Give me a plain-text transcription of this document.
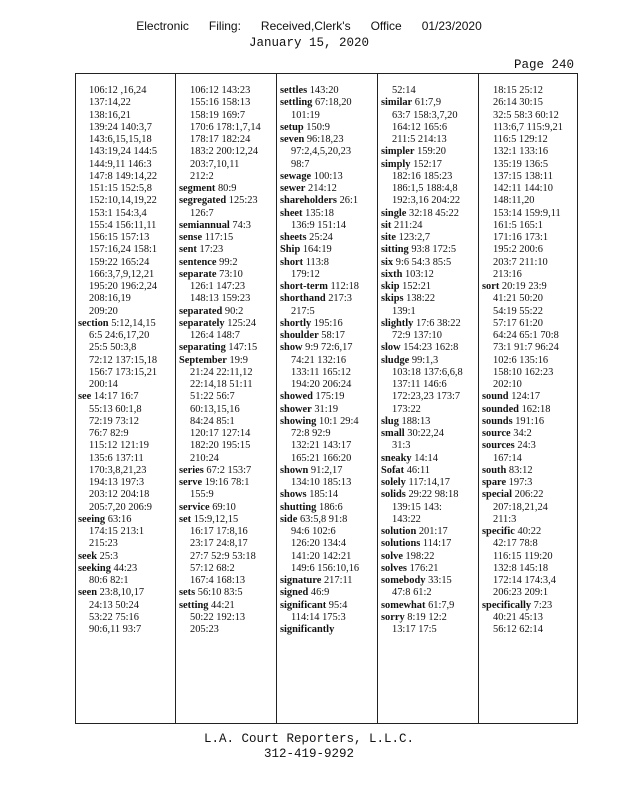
Electronic Filing: Received,Clerk's Office 01/23/2020
January 15, 2020
Page 240
106:12 ,16,24
137:14,22
138:16,21
139:24 140:3,7
143:6,15,15,18
143:19,24 144:5
144:9,11 146:3
147:8 149:14,22
151:15 152:5,8
152:10,14,19,22
153:1 154:3,4
155:4 156:11,11
156:15 157:13
157:16,24 158:1
159:22 165:24
166:3,7,9,12,21
195:20 196:2,24
208:16,19
209:20
section 5:12,14,15
6:5 24:6,17,20
25:5 50:3,8
72:12 137:15,18
156:7 173:15,21
200:14
see 14:17 16:7
55:13 60:1,8
72:19 73:12
76:7 82:9
115:12 121:19
135:6 137:11
170:3,8,21,23
194:13 197:3
203:12 204:18
205:7,20 206:9
seeing 63:16
174:15 213:1
215:23
seek 25:3
seeking 44:23
80:6 82:1
seen 23:8,10,17
24:13 50:24
53:22 75:16
90:6,11 93:7
106:12 143:23
155:16 158:13
158:19 169:7
170:6 178:1,7,14
178:17 182:24
183:2 200:12,24
203:7,10,11
212:2
segment 80:9
segregated 125:23
126:7
semiannual 74:3
sense 117:15
sent 17:23
sentence 99:2
separate 73:10
126:1 147:23
148:13 159:23
separated 90:2
separately 125:24
126:4 148:7
separating 147:15
September 19:9
21:24 22:11,12
22:14,18 51:11
51:22 56:7
60:13,15,16
84:24 85:1
120:17 127:14
182:20 195:15
210:24
series 67:2 153:7
serve 19:16 78:1
155:9
service 69:10
set 15:9,12,15
16:17 17:8,16
23:17 24:8,17
27:7 52:9 53:18
57:12 68:2
167:4 168:13
sets 56:10 83:5
setting 44:21
50:22 192:13
205:23
settles 143:20
settling 67:18,20
101:19
setup 150:9
seven 96:18,23
97:2,4,5,20,23
98:7
sewage 100:13
sewer 214:12
shareholders 26:1
sheet 135:18
136:9 151:14
sheets 25:24
Ship 164:19
short 113:8
179:12
short-term 112:18
shorthand 217:3
217:5
shortly 195:16
shoulder 58:17
show 9:9 72:6,17
74:21 132:16
133:11 165:12
194:20 206:24
showed 175:19
shower 31:19
showing 10:1 29:4
72:8 92:9
132:21 143:17
165:21 166:20
shown 91:2,17
134:10 185:13
shows 185:14
shutting 186:6
side 63:5,8 91:8
94:6 102:6
126:20 134:4
141:20 142:21
149:6 156:10,16
signature 217:11
signed 46:9
significant 95:4
114:14 175:3
significantly
52:14
similar 61:7,9
63:7 158:3,7,20
164:12 165:6
211:5 214:13
simpler 159:20
simply 152:17
182:16 185:23
186:1,5 188:4,8
192:3,16 204:22
single 32:18 45:22
sit 211:24
site 123:2,7
sitting 93:8 172:5
six 9:6 54:3 85:5
sixth 103:12
skip 152:21
skips 138:22
139:1
slightly 17:6 38:22
72:9 137:10
slow 154:23 162:8
sludge 99:1,3
103:18 137:6,6,8
137:11 146:6
172:23,23 173:7
173:22
slug 188:13
small 30:22,24
31:3
sneaky 14:14
Sofat 46:11
solely 117:14,17
solids 29:22 98:18
139:15 143:
143:22
solution 201:17
solutions 114:17
solve 198:22
solves 176:21
somebody 33:15
47:8 61:2
somewhat 61:7,9
sorry 8:19 12:2
13:17 17:5
18:15 25:12
26:14 30:15
32:5 58:3 60:12
113:6,7 115:9,21
116:5 129:12
132:1 133:16
135:19 136:5
137:15 138:11
142:11 144:10
148:11,20
153:14 159:9,11
161:5 165:1
171:16 173:1
195:2 200:6
203:7 211:10
213:16
sort 20:19 23:9
41:21 50:20
54:19 55:22
57:17 61:20
64:24 65:1 70:8
73:1 91:7 96:24
102:6 135:16
158:10 162:23
202:10
sound 124:17
sounded 162:18
sounds 191:16
source 34:2
sources 24:3
167:14
south 83:12
spare 197:3
special 206:22
207:18,21,24
211:3
specific 40:22
42:17 78:8
116:15 119:20
132:8 145:18
172:14 174:3,4
206:23 209:1
specifically 7:23
40:21 45:13
56:12 62:14
L.A. Court Reporters, L.L.C.
312-419-9292
